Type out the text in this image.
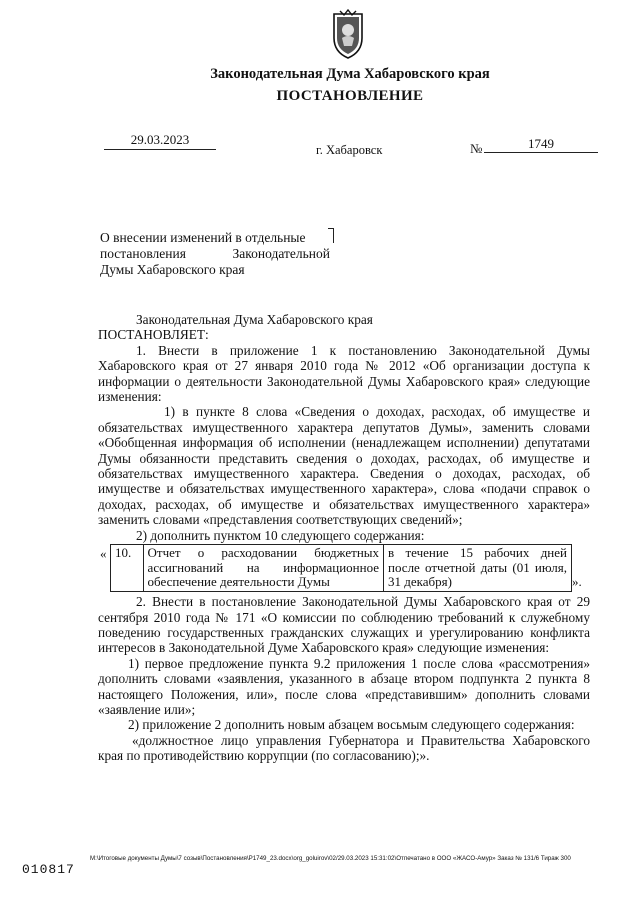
Законодательная Дума Хабаровского края
ПОСТАНОВЛЕНИЕ
29.03.2023
г. Хабаровск	№	1749
О внесении изменений в отдельные
постановления Законодательной
Думы Хабаровского края

Законодательная Дума Хабаровского края

ПОСТАНОВЛЯЕТ:

1. Внести в приложение 1 к постановлению Законодательной Думы Хабаровского края от 27 января 2010 года № 2012 «Об организации доступа к информации о деятельности Законодательной Думы Хабаровского края» следующие изменения:

1) в пункте 8 слова «Сведения о доходах, расходах, об имуществе и обязательствах имущественного характера депутатов Думы», заменить словами «Обобщенная информация об исполнении (ненадлежащем исполнении) депутатами Думы обязанности представить сведения о доходах, расходах, об имуществе и обязательствах имущественного характера. Сведения о доходах, расходах, об имуществе и обязательствах имущественного характера», слова «подачи справок о доходах, расходах, об имуществе и обязательствах имущественного характера» заменить словами «представления соответствующих сведений»;

2) дополнить пунктом 10 следующего содержания:

« 10.	Отчет о расходовании бюджетных ассигнований на информационное обеспечение деятельности Думы	в течение 15 рабочих дней после отчетной даты (01 июля, 31 декабря)	».

2. Внести в постановление Законодательной Думы Хабаровского края от 29 сентября 2010 года № 171 «О комиссии по соблюдению требований к служебному поведению государственных гражданских служащих и урегулированию конфликта интересов в Законодательной Думе Хабаровского края» следующие изменения:

1) первое предложение пункта 9.2 приложения 1 после слова «рассмотрения» дополнить словами «заявления, указанного в абзаце втором подпункта 2 пункта 8 настоящего Положения, или», после слова «представившим» дополнить словами «заявление или»;

2) приложение 2 дополнить новым абзацем восьмым следующего содержания:

«должностное лицо управления Губернатора и Правительства Хабаровского края по противодействию коррупции (по согласованию);».

М:\Итоговые документы Думы\7 созыв\Постановления\P1749_23.docx\org_goluirov\02/29.03.2023 15:31:02\Отпечатано в ООО «ЖАСО-Амур» Заказ № 131/6 Тираж 300
010817
